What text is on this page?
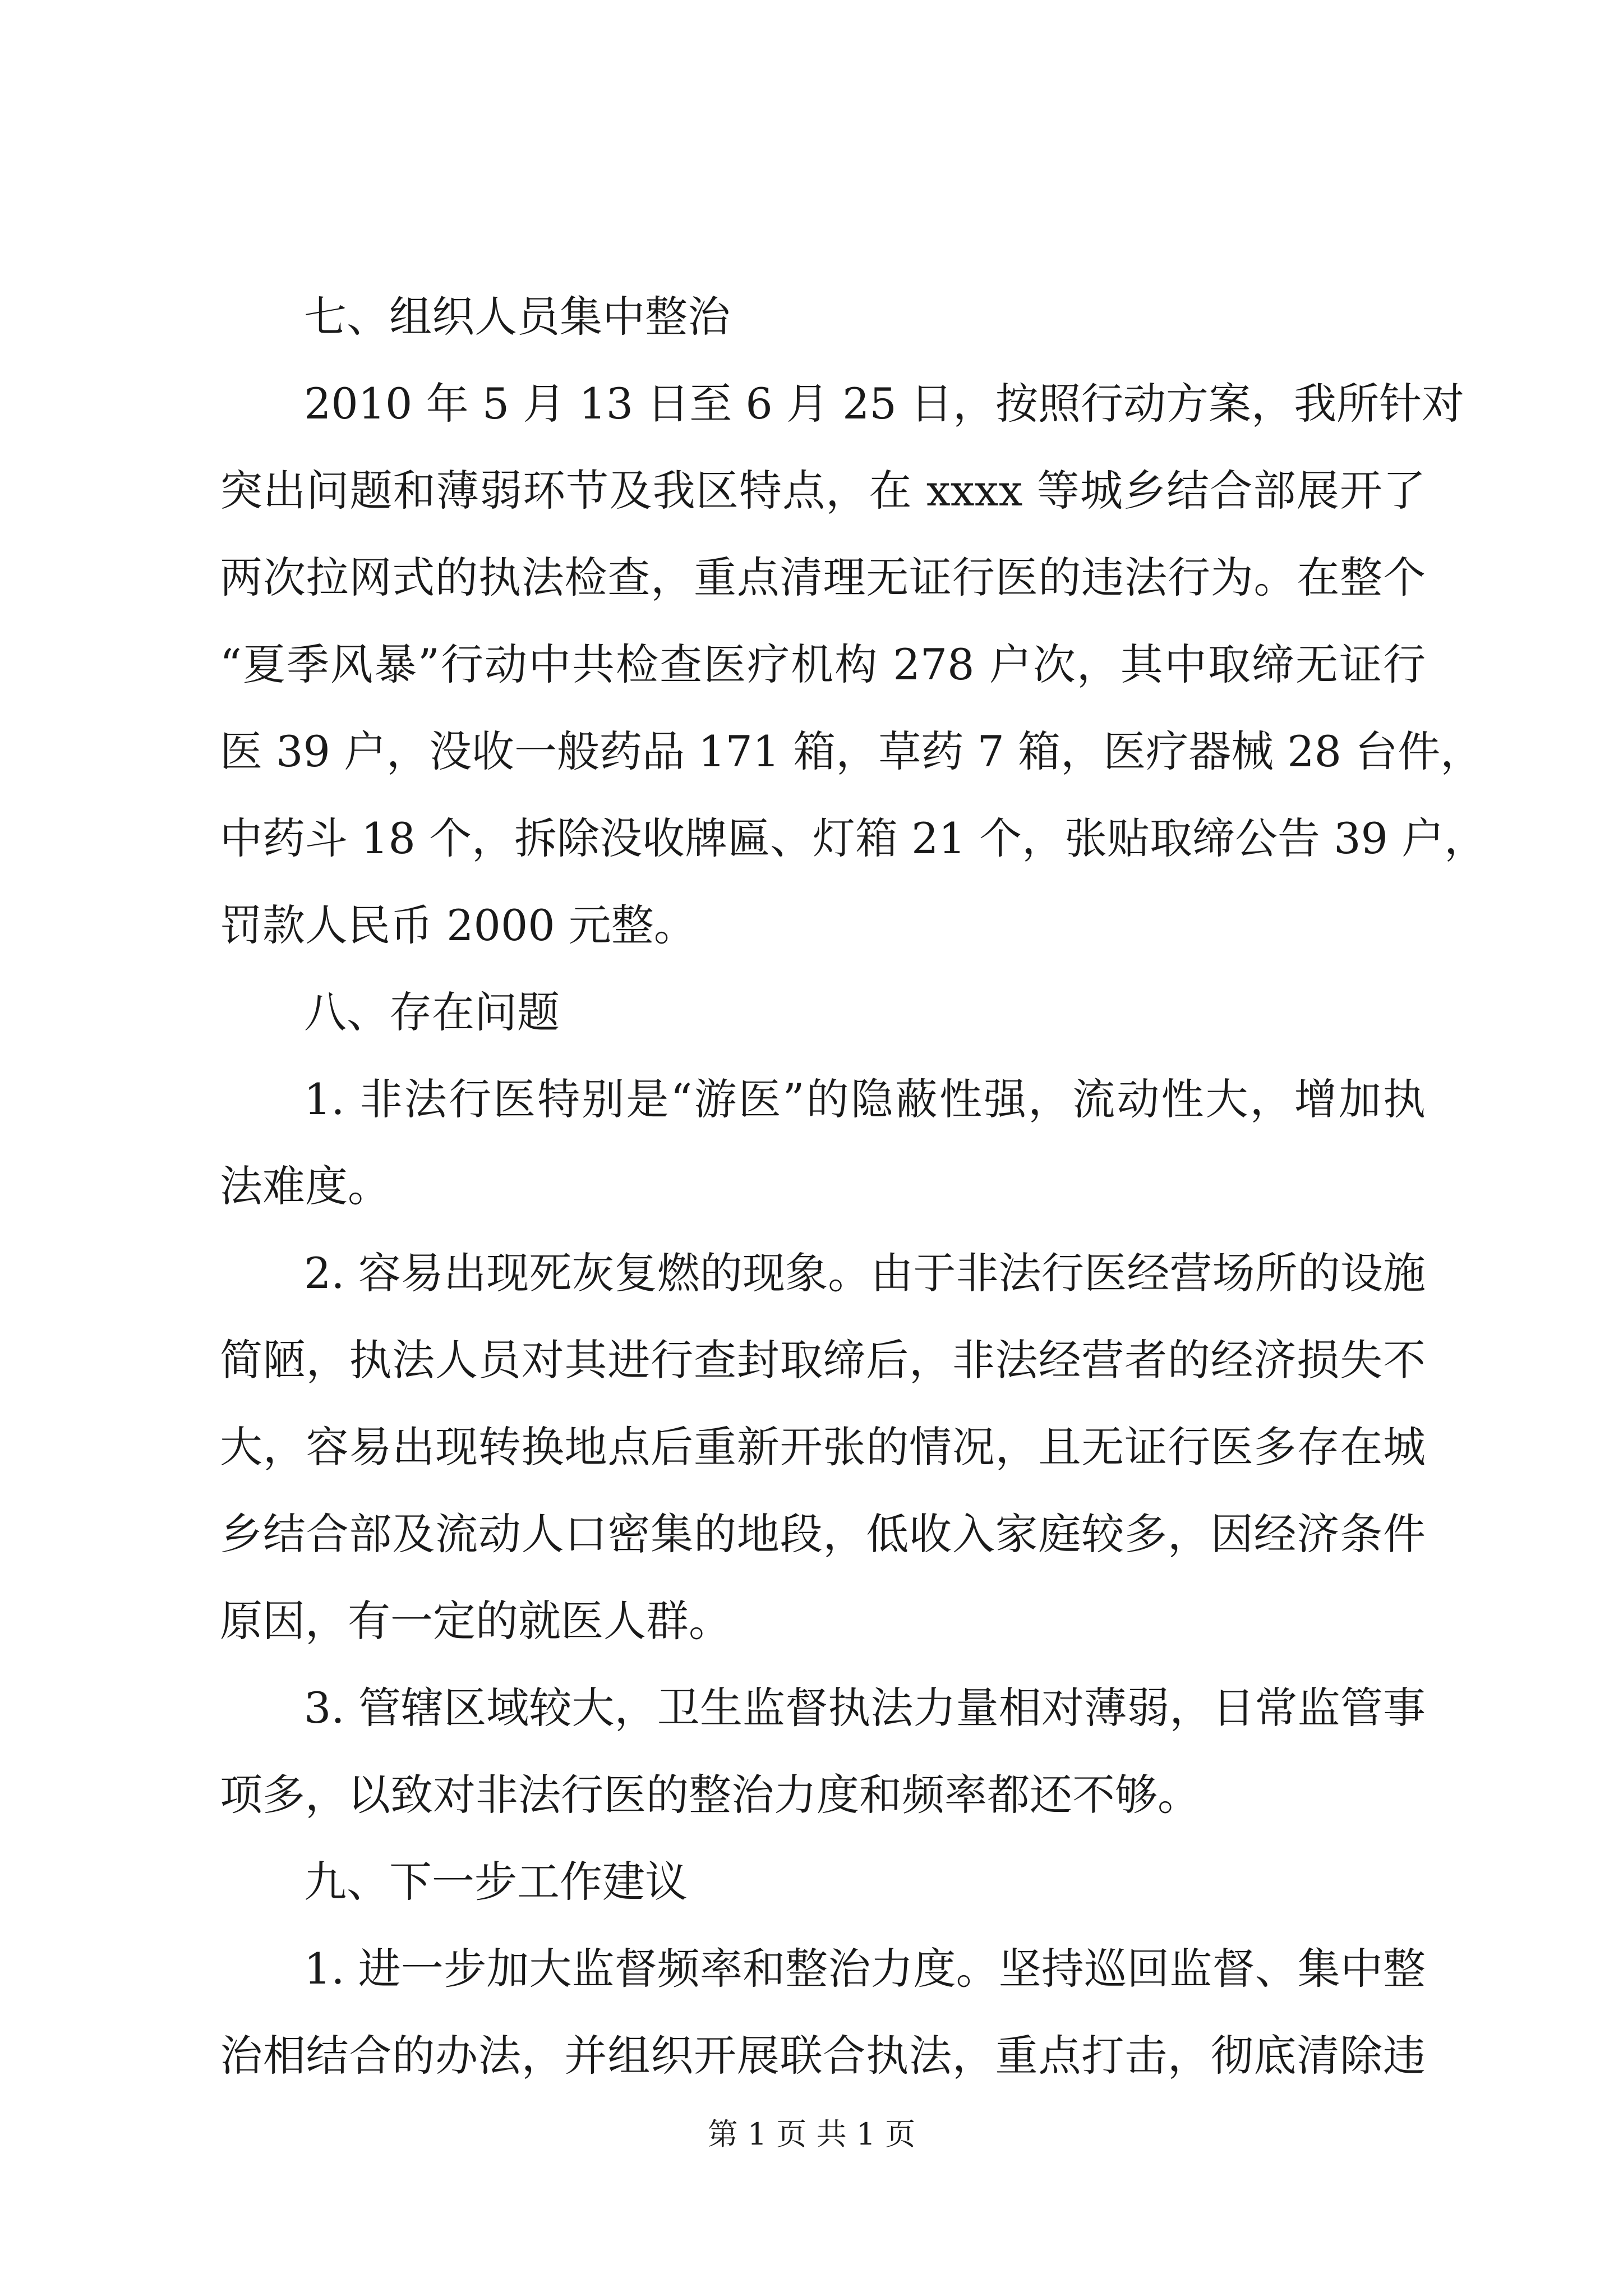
七、组织人员集中整治
2010 年 5 月 13 日至 6 月 25 日，按照行动方案，我所针对
突出问题和薄弱环节及我区特点，在 xxxx 等城乡结合部展开了
两次拉网式的执法检查，重点清理无证行医的违法行为。在整个
“夏季风暴”行动中共检查医疗机构 278 户次，其中取缔无证行
医 39 户，没收一般药品 171 箱，草药 7 箱，医疗器械 28 台件，
中药斗 18 个，拆除没收牌匾、灯箱 21 个，张贴取缔公告 39 户，
罚款人民币 2000 元整。
八、存在问题
1. 非法行医特别是“游医”的隐蔽性强，流动性大，增加执
法难度。
2. 容易出现死灰复燃的现象。由于非法行医经营场所的设施
简陋，执法人员对其进行查封取缔后，非法经营者的经济损失不
大，容易出现转换地点后重新开张的情况，且无证行医多存在城
乡结合部及流动人口密集的地段，低收入家庭较多，因经济条件
原因，有一定的就医人群。
3. 管辖区域较大，卫生监督执法力量相对薄弱，日常监管事
项多，以致对非法行医的整治力度和频率都还不够。
九、下一步工作建议
1. 进一步加大监督频率和整治力度。坚持巡回监督、集中整
治相结合的办法，并组织开展联合执法，重点打击，彻底清除违
第 1 页 共 1 页
